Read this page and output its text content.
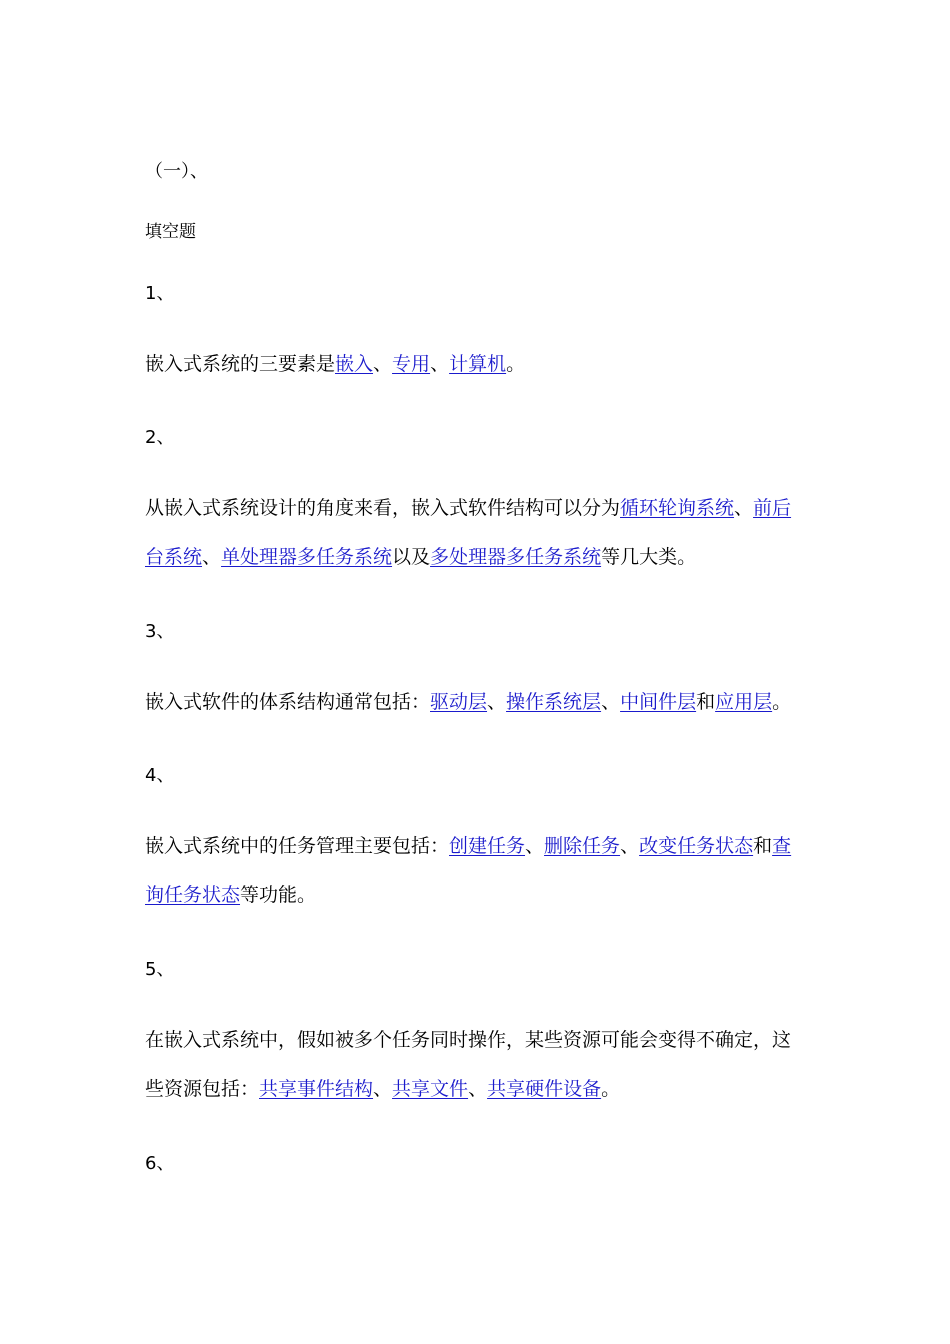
（一）、
填空题
1、

嵌入式系统的三要素是嵌入、专用、计算机。

2、

从嵌入式系统设计的角度来看，嵌入式软件结构可以分为循环轮询系统、前后台系统、单处理器多任务系统以及多处理器多任务系统等几大类。

3、

嵌入式软件的体系结构通常包括：驱动层、操作系统层、中间件层和应用层。

4、

嵌入式系统中的任务管理主要包括：创建任务、删除任务、改变任务状态和查询任务状态等功能。

5、

在嵌入式系统中，假如被多个任务同时操作，某些资源可能会变得不确定，这些资源包括：共享事件结构、共享文件、共享硬件设备。

6、
